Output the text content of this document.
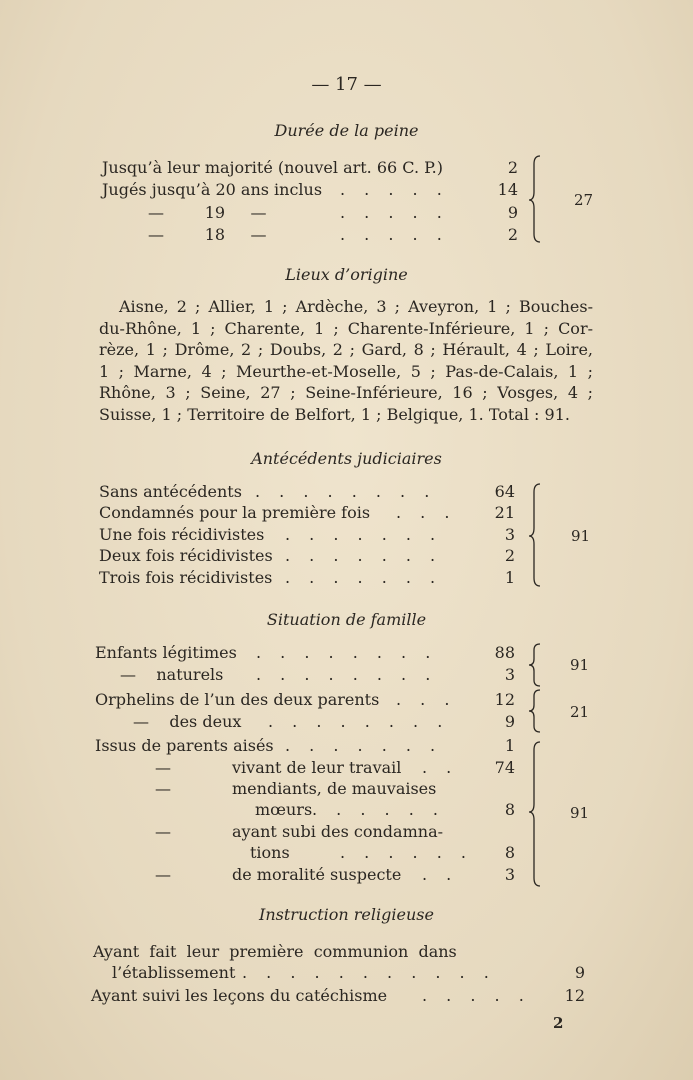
— 17 —
Durée de la peine
Jusqu’à leur majorité (nouvel art. 66 C. P.)	2
Jugés jusqu’à 20 ans inclus . . . . .	14
—        19     —	. . . . .	9
—        18     —	. . . . .	2
27
Lieux d’origine
Aisne, 2 ; Allier, 1 ; Ardèche, 3 ; Aveyron, 1 ; Bouches-
du-Rhône, 1 ; Charente, 1 ; Charente-Inférieure, 1 ; Cor-
rèze, 1 ; Drôme, 2 ; Doubs, 2 ; Gard, 8 ; Hérault, 4 ; Loire,
1 ; Marne, 4 ; Meurthe-et-Moselle, 5 ; Pas-de-Calais, 1 ;
Rhône, 3 ; Seine, 27 ; Seine-Inférieure, 16 ; Vosges, 4 ;
Suisse, 1 ; Territoire de Belfort, 1 ; Belgique, 1. Total : 91.
Antécédents judiciaires
Sans antécédents . . . . . . . .	64
Condamnés pour la première fois . . .	21
Une fois récidivistes . . . . . . .	3
Deux fois récidivistes . . . . . . .	2
Trois fois récidivistes . . . . . . .	1
91
Situation de famille
Enfants légitimes . . . . . . . .	88
—    naturels . . . . . . . .	3
Orphelins de l’un des deux parents . . .	12
—    des deux . . . . . . . .	9
Issus de parents aisés . . . . . . .	1
—	vivant de leur travail . .	74
—	mendiants, de mauvaises
mœurs . . . . . .	8
—	ayant subi des condamna-
tions	. . . . . .	8
—	de moralité suspecte . .	3
91
21
91
Instruction religieuse
Ayant  fait  leur  première  communion  dans
l’établissement . . . . . . . . . . .	9
Ayant suivi les leçons du catéchisme . . . . .	12
2
